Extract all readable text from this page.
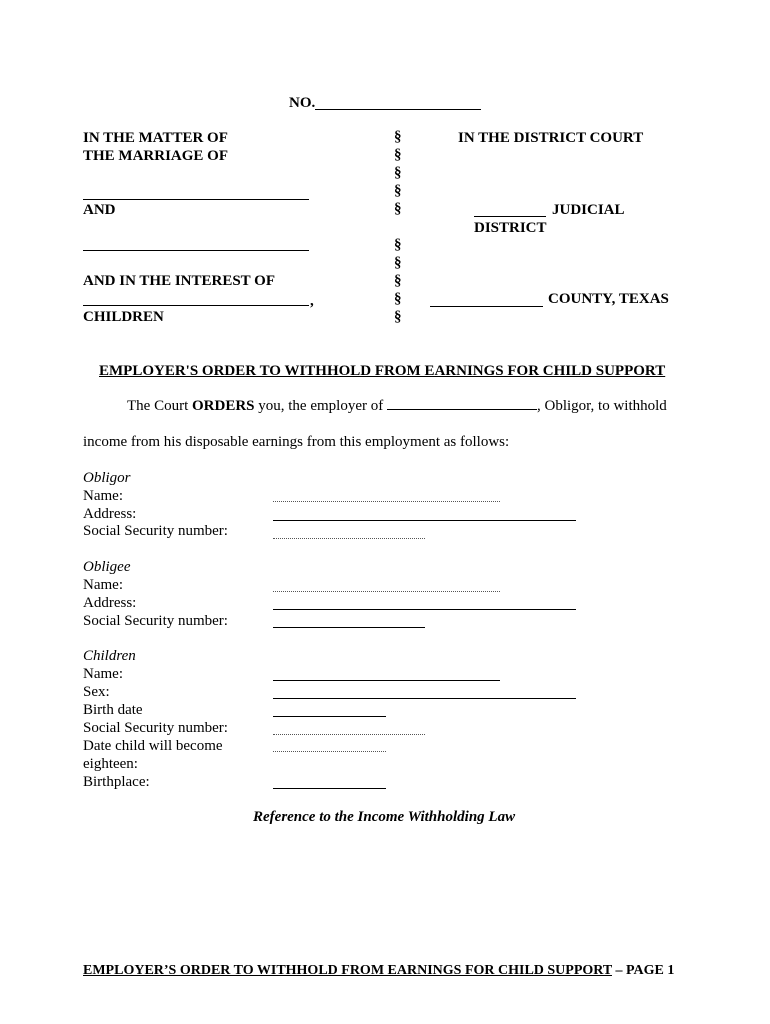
NO.
IN THE MATTER OF
THE MARRIAGE OF
AND
AND IN THE INTEREST OF
,
CHILDREN
§
§
§
§
§
§
§
§
§
§
IN THE DISTRICT COURT
JUDICIAL
DISTRICT
COUNTY, TEXAS
EMPLOYER'S ORDER TO WITHHOLD FROM EARNINGS FOR CHILD SUPPORT
The Court ORDERS you, the employer of	, Obligor, to withhold
income from his disposable earnings from this employment as follows:
Obligor
Name:
Address:
Social Security number:
Obligee
Name:
Address:
Social Security number:
Children
Name:
Sex:
Birth date
Social Security number:
Date child will become
eighteen:
Birthplace:
Reference to the Income Withholding Law
EMPLOYER’S ORDER TO WITHHOLD FROM EARNINGS FOR CHILD SUPPORT – PAGE 1
